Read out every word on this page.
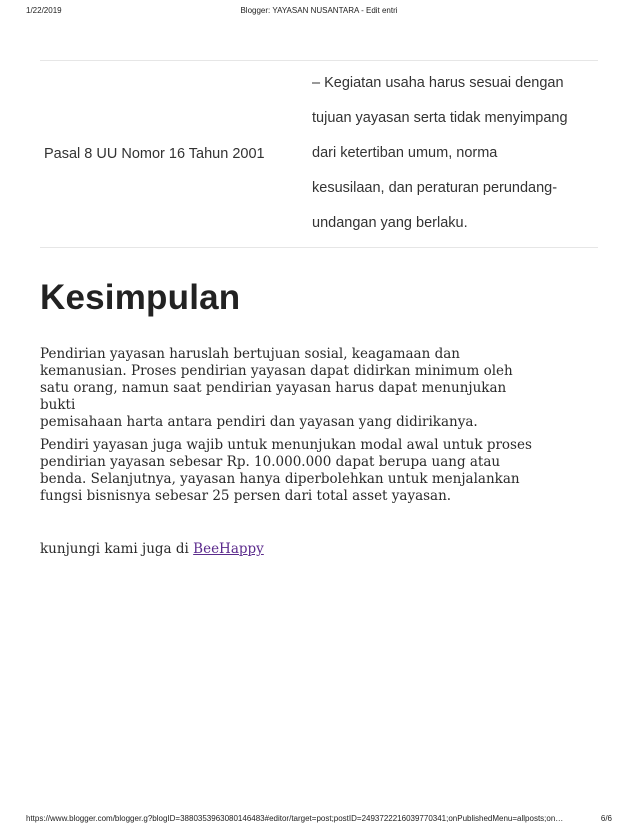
1/22/2019	Blogger: YAYASAN NUSANTARA - Edit entri
Pasal 8 UU Nomor 16 Tahun 2001
– Kegiatan usaha harus sesuai dengan
tujuan yayasan serta tidak menyimpang
dari ketertiban umum, norma
kesusilaan, dan peraturan perundang-
undangan yang berlaku.
Kesimpulan

Pendirian yayasan haruslah bertujuan sosial, keagamaan dan
kemanusian. Proses pendirian yayasan dapat didirkan minimum oleh
satu orang, namun saat pendirian yayasan harus dapat menunjukan bukti
pemisahaan harta antara pendiri dan yayasan yang didirikanya.

Pendiri yayasan juga wajib untuk menunjukan modal awal untuk proses
pendirian yayasan sebesar Rp. 10.000.000 dapat berupa uang atau
benda. Selanjutnya, yayasan hanya diperbolehkan untuk menjalankan
fungsi bisnisnya sebesar 25 persen dari total asset yayasan.

kunjungi kami juga di BeeHappy

https://www.blogger.com/blogger.g?blogID=3880353963080146483#editor/target=post;postID=2493722216039770341;onPublishedMenu=allposts;on…	6/6
